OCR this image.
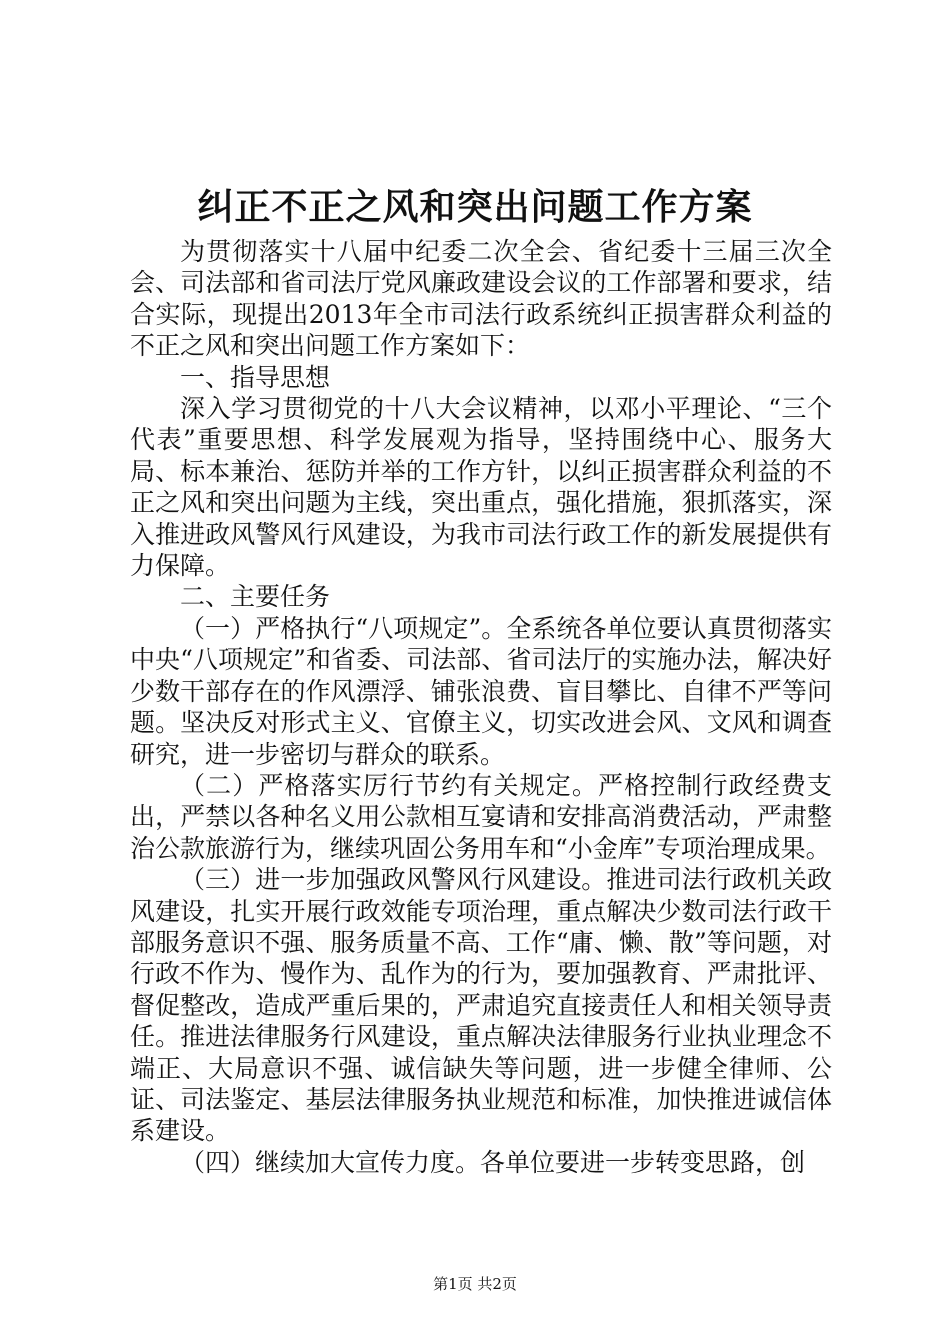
纠正不正之风和突出问题工作方案

为贯彻落实十八届中纪委二次全会、省纪委十三届三次全会、司法部和省司法厅党风廉政建设会议的工作部署和要求，结合实际，现提出2013年全市司法行政系统纠正损害群众利益的不正之风和突出问题工作方案如下：

一、指导思想

深入学习贯彻党的十八大会议精神，以邓小平理论、“三个代表”重要思想、科学发展观为指导，坚持围绕中心、服务大局、标本兼治、惩防并举的工作方针，以纠正损害群众利益的不正之风和突出问题为主线，突出重点，强化措施，狠抓落实，深入推进政风警风行风建设，为我市司法行政工作的新发展提供有力保障。

二、主要任务

（一）严格执行“八项规定”。全系统各单位要认真贯彻落实中央“八项规定”和省委、司法部、省司法厅的实施办法，解决好少数干部存在的作风漂浮、铺张浪费、盲目攀比、自律不严等问题。坚决反对形式主义、官僚主义，切实改进会风、文风和调查研究，进一步密切与群众的联系。

（二）严格落实厉行节约有关规定。严格控制行政经费支出，严禁以各种名义用公款相互宴请和安排高消费活动，严肃整治公款旅游行为，继续巩固公务用车和“小金库”专项治理成果。

（三）进一步加强政风警风行风建设。推进司法行政机关政风建设，扎实开展行政效能专项治理，重点解决少数司法行政干部服务意识不强、服务质量不高、工作“庸、懒、散”等问题，对行政不作为、慢作为、乱作为的行为，要加强教育、严肃批评、督促整改，造成严重后果的，严肃追究直接责任人和相关领导责任。推进法律服务行风建设，重点解决法律服务行业执业理念不端正、大局意识不强、诚信缺失等问题，进一步健全律师、公证、司法鉴定、基层法律服务执业规范和标准，加快推进诚信体系建设。

（四）继续加大宣传力度。各单位要进一步转变思路，创

第1页 共2页
